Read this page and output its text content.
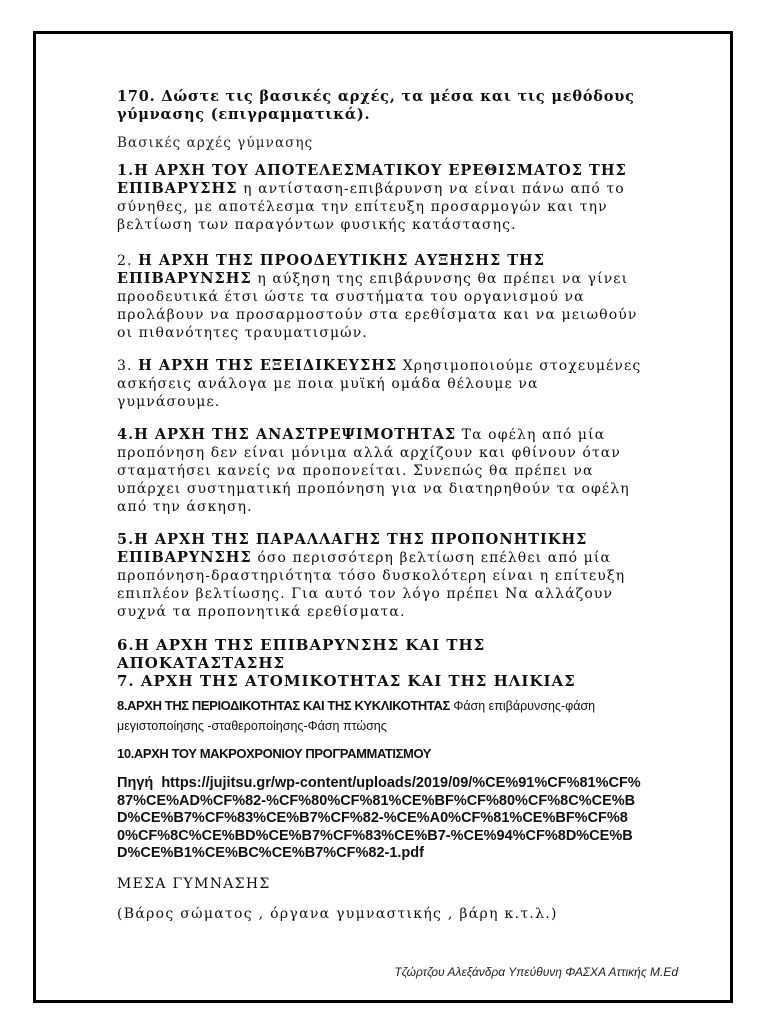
170. Δώστε τις βασικές αρχές, τα μέσα και τις μεθόδους γύμνασης (επιγραμματικά).

Βασικές αρχές γύμνασης

1.Η ΑΡΧΗ ΤΟΥ ΑΠΟΤΕΛΕΣΜΑΤΙΚΟΥ ΕΡΕΘΙΣΜΑΤΟΣ ΤΗΣ ΕΠΙΒΑΡΥΣΗΣ η αντίσταση-επιβάρυνση να είναι πάνω από το σύνηθες, με αποτέλεσμα την επίτευξη προσαρμογών και την βελτίωση των παραγόντων φυσικής κατάστασης.

2. Η ΑΡΧΗ ΤΗΣ ΠΡΟΟΔΕΥΤΙΚΗΣ ΑΥΞΗΣΗΣ ΤΗΣ ΕΠΙΒΑΡΥΝΣΗΣ η αύξηση της επιβάρυνσης θα πρέπει να γίνει προοδευτικά έτσι ώστε τα συστήματα του οργανισμού να προλάβουν να προσαρμοστούν στα ερεθίσματα και να μειωθούν οι πιθανότητες τραυματισμών.

3. Η ΑΡΧΗ ΤΗΣ ΕΞΕΙΔΙΚΕΥΣΗΣ Χρησιμοποιούμε στοχευμένες ασκήσεις ανάλογα με ποια μυϊκή ομάδα θέλουμε να γυμνάσουμε.

4.Η ΑΡΧΗ ΤΗΣ ΑΝΑΣΤΡΕΨΙΜΟΤΗΤΑΣ Τα οφέλη από μία προπόνηση δεν είναι μόνιμα αλλά αρχίζουν και φθίνουν όταν σταματήσει κανείς να προπονείται. Συνεπώς θα πρέπει να υπάρχει συστηματική προπόνηση για να διατηρηθούν τα οφέλη από την άσκηση.

5.Η ΑΡΧΗ ΤΗΣ ΠΑΡΑΛΛΑΓΗΣ ΤΗΣ ΠΡΟΠΟΝΗΤΙΚΗΣ ΕΠΙΒΑΡΥΝΣΗΣ όσο περισσότερη βελτίωση επέλθει από μία προπόνηση-δραστηριότητα τόσο δυσκολότερη είναι η επίτευξη επιπλέον βελτίωσης. Για αυτό τον λόγο πρέπει Να αλλάζουν συχνά τα προπονητικά ερεθίσματα.

6.Η ΑΡΧΗ ΤΗΣ ΕΠΙΒΑΡΥΝΣΗΣ ΚΑΙ ΤΗΣ ΑΠΟΚΑΤΑΣΤΑΣΗΣ

7. ΑΡΧΗ ΤΗΣ ΑΤΟΜΙΚΟΤΗΤΑΣ ΚΑΙ ΤΗΣ ΗΛΙΚΙΑΣ

8.ΑΡΧΗ ΤΗΣ ΠΕΡΙΟΔΙΚΟΤΗΤΑΣ ΚΑΙ ΤΗΣ ΚΥΚΛΙΚΟΤΗΤΑΣ Φάση επιβάρυνσης-φάση μεγιστοποίησης -σταθεροποίησης-Φάση πτώσης

10.ΑΡΧΗ ΤΟΥ ΜΑΚΡΟΧΡΟΝΙΟΥ ΠΡΟΓΡΑΜΜΑΤΙΣΜΟΥ

Πηγή https://jujitsu.gr/wp-content/uploads/2019/09/%CE%91%CF%81%CF%87%CE%AD%CF%82-%CF%80%CF%81%CE%BF%CF%80%CF%8C%CE%BD%CE%B7%CF%83%CE%B7%CF%82-%CE%A0%CF%81%CE%BF%CF%80%CF%8C%CE%BD%CE%B7%CF%83%CE%B7-%CE%94%CF%8D%CE%BD%CE%B1%CE%BC%CE%B7%CF%82-1.pdf

ΜΕΣΑ ΓΥΜΝΑΣΗΣ

(Βάρος σώματος , όργανα γυμναστικής , βάρη κ.τ.λ.)

Τζώρτζου Αλεξάνδρα Υπεύθυνη ΦΑΣΧΑ Αττικής Μ.Ed
